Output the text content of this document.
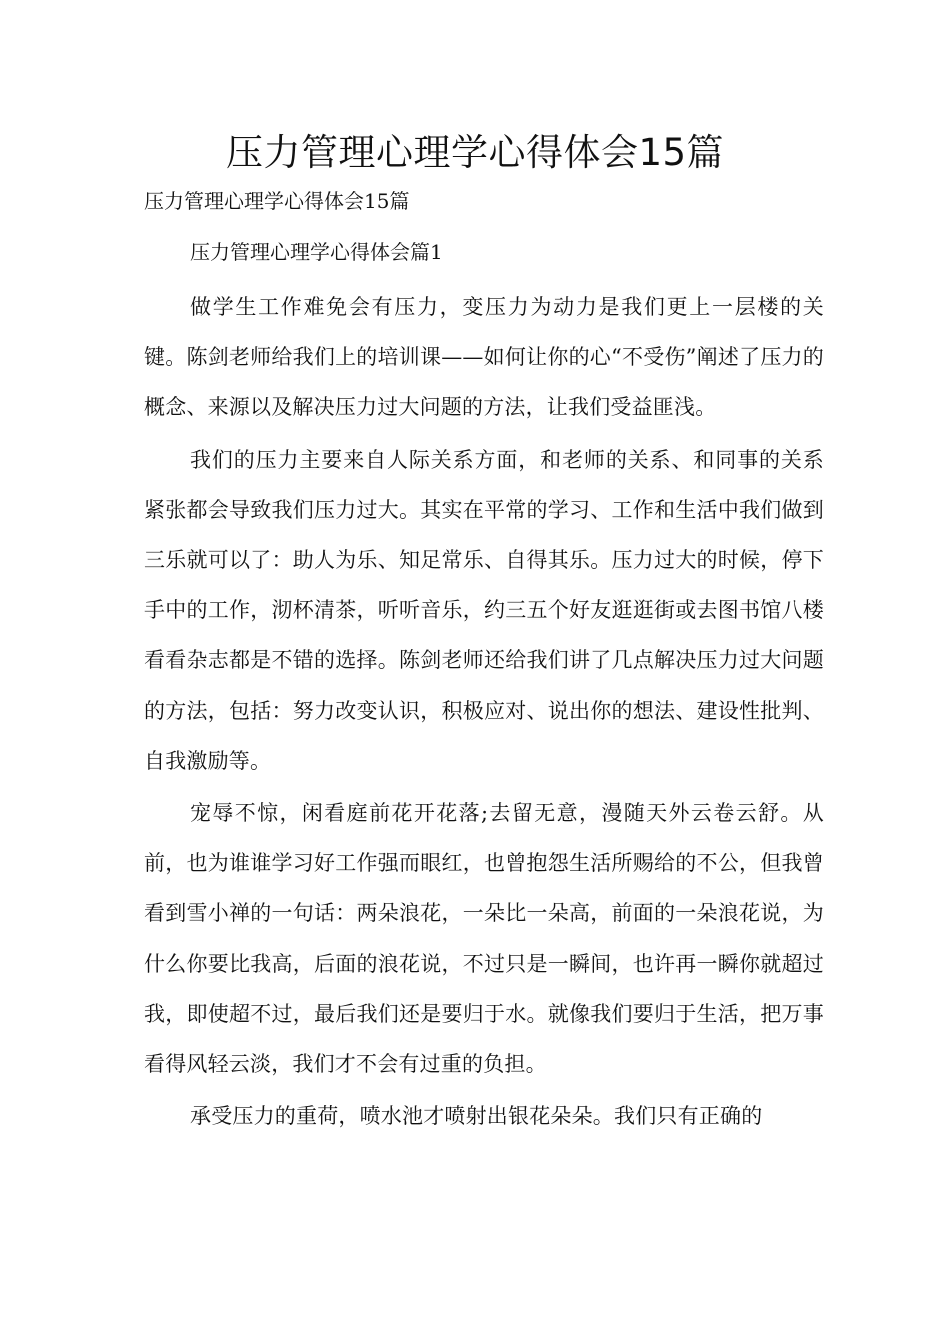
压力管理心理学心得体会15篇

压力管理心理学心得体会15篇

压力管理心理学心得体会篇1

做学生工作难免会有压力，变压力为动力是我们更上一层楼的关键。陈剑老师给我们上的培训课——如何让你的心“不受伤”阐述了压力的概念、来源以及解决压力过大问题的方法，让我们受益匪浅。

我们的压力主要来自人际关系方面，和老师的关系、和同事的关系紧张都会导致我们压力过大。其实在平常的学习、工作和生活中我们做到三乐就可以了：助人为乐、知足常乐、自得其乐。压力过大的时候，停下手中的工作，沏杯清茶，听听音乐，约三五个好友逛逛街或去图书馆八楼看看杂志都是不错的选择。陈剑老师还给我们讲了几点解决压力过大问题的方法，包括：努力改变认识，积极应对、说出你的想法、建设性批判、自我激励等。

宠辱不惊，闲看庭前花开花落;去留无意，漫随天外云卷云舒。从前，也为谁谁学习好工作强而眼红，也曾抱怨生活所赐给的不公，但我曾看到雪小禅的一句话：两朵浪花，一朵比一朵高，前面的一朵浪花说，为什么你要比我高，后面的浪花说，不过只是一瞬间，也许再一瞬你就超过我，即使超不过，最后我们还是要归于水。就像我们要归于生活，把万事看得风轻云淡，我们才不会有过重的负担。

承受压力的重荷，喷水池才喷射出银花朵朵。我们只有正确的
